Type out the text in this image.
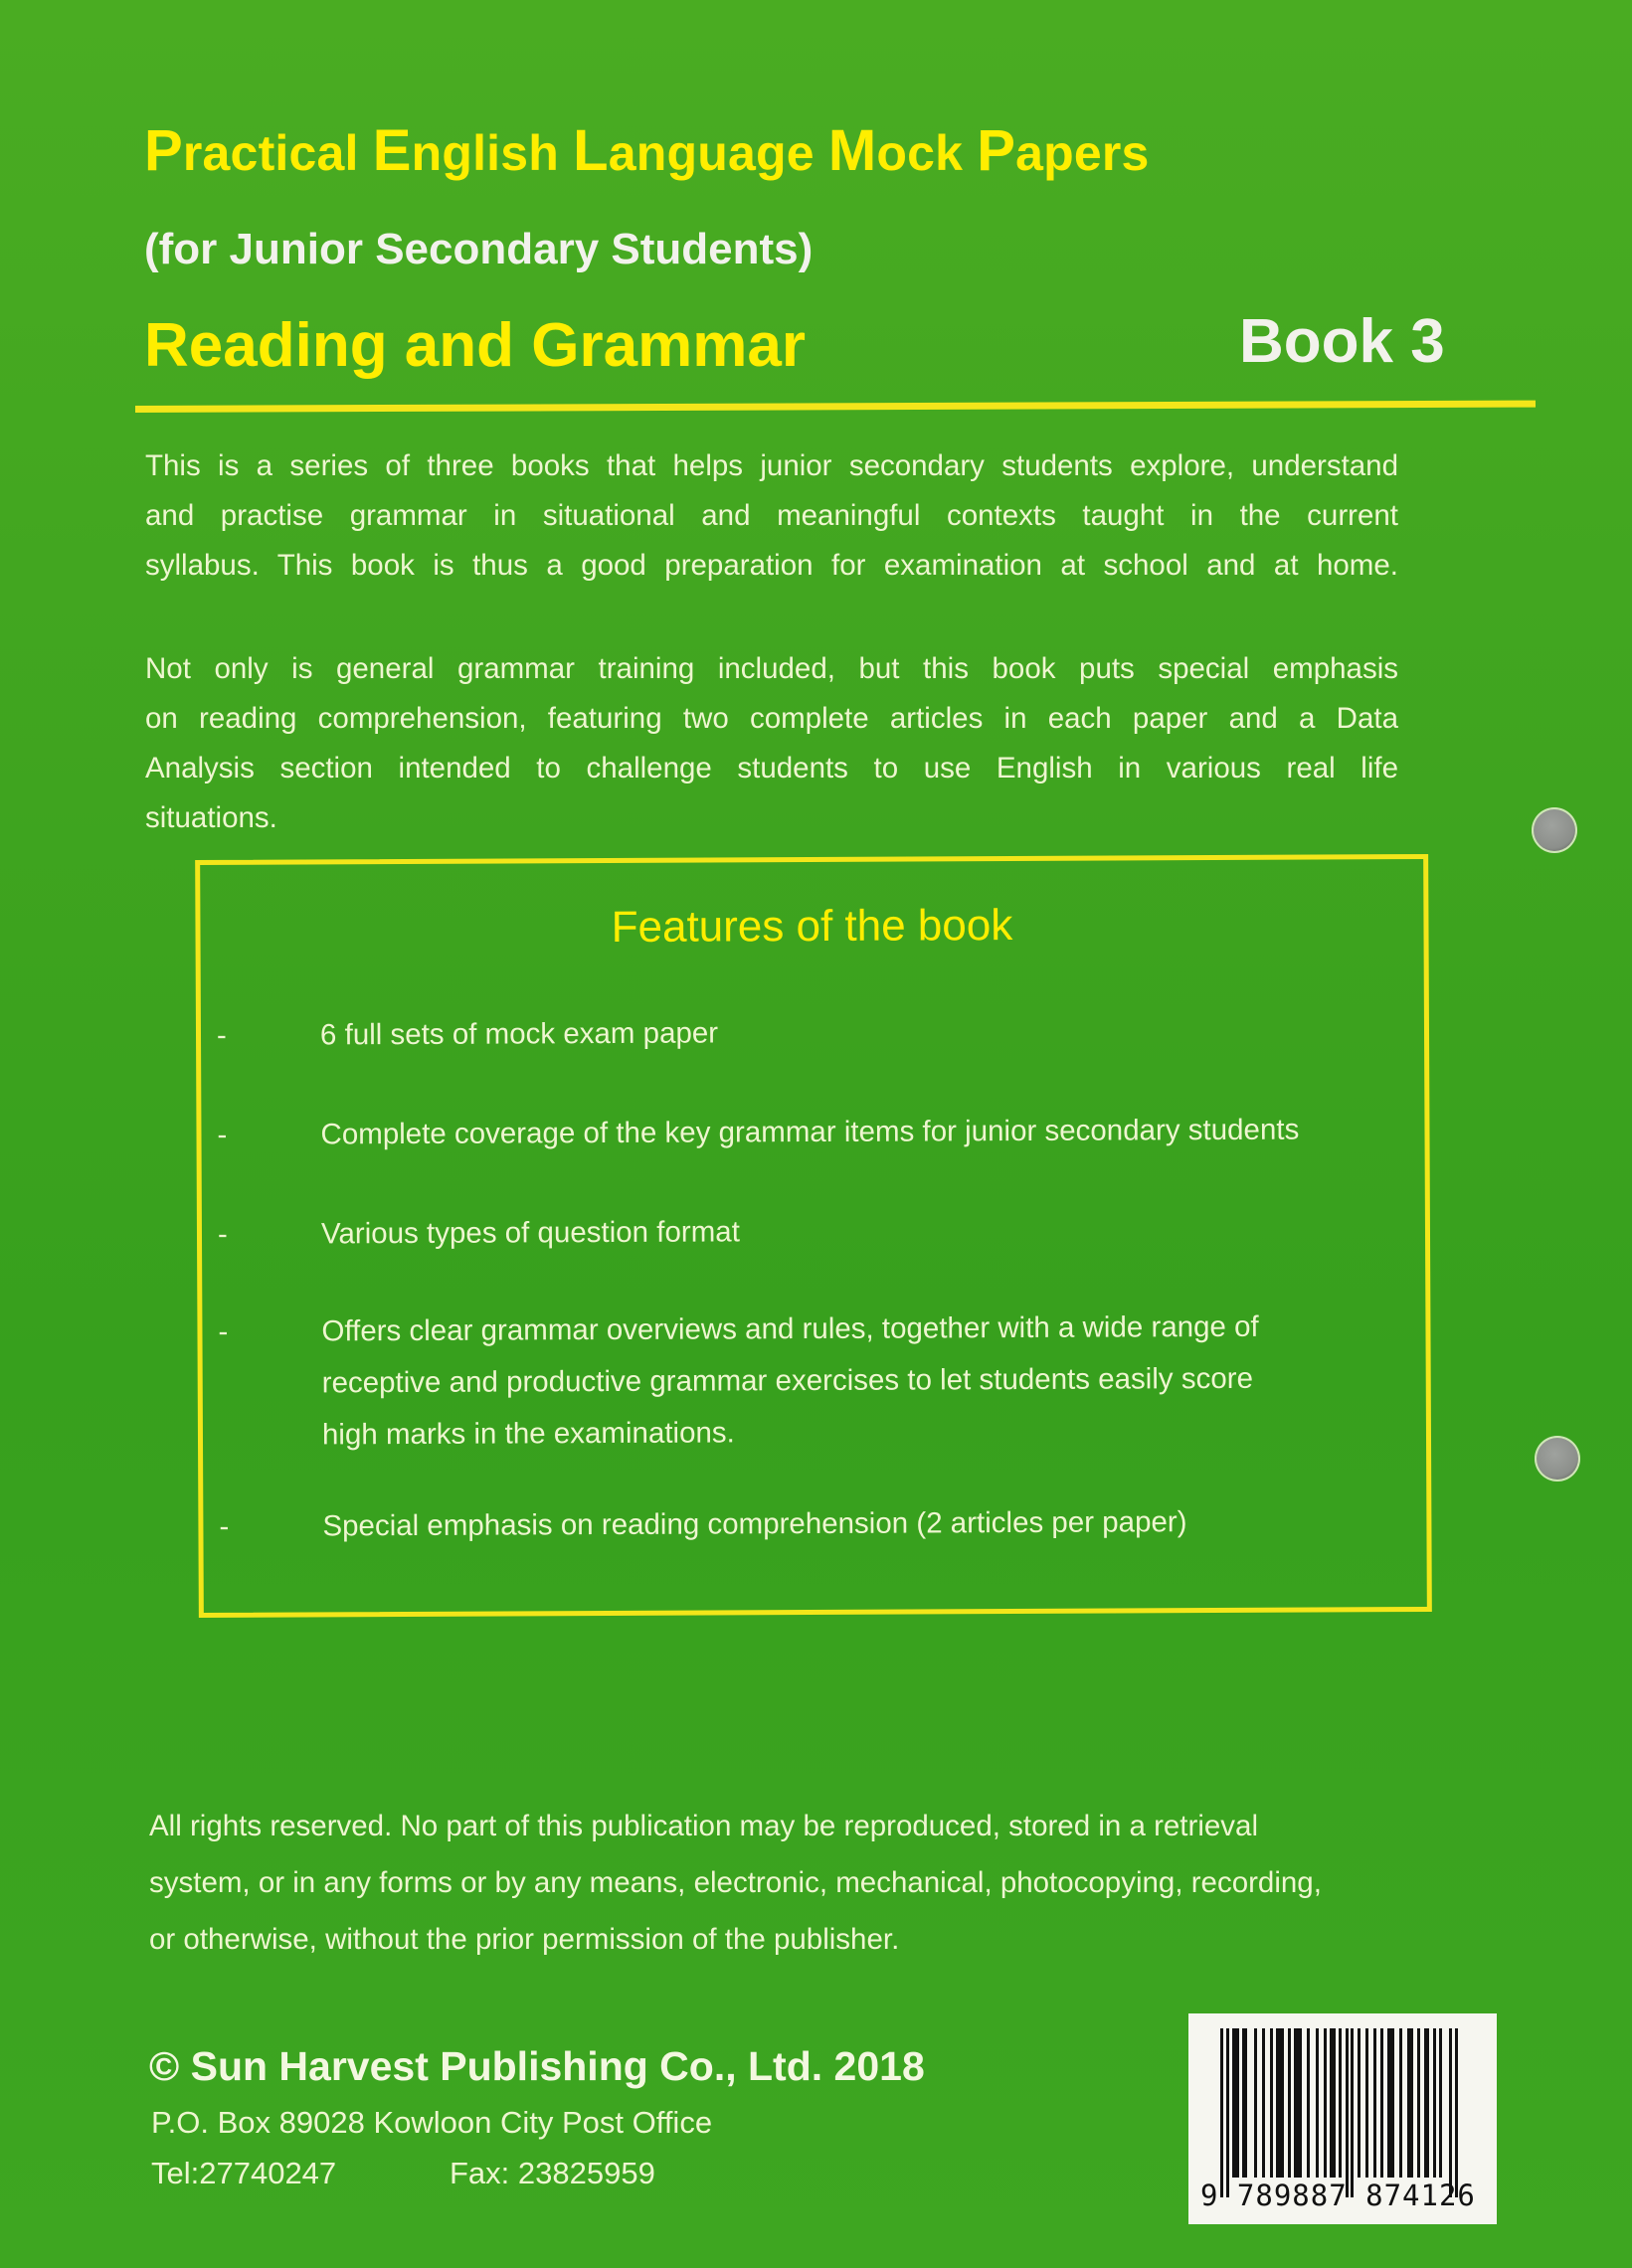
Practical English Language Mock Papers
(for Junior Secondary Students)
Reading and Grammar	Book 3
This is a series of three books that helps junior secondary students explore, understand
and practise grammar in situational and meaningful contexts taught in the current
syllabus. This book is thus a good preparation for examination at school and at home.
Not only is general grammar training included, but this book puts special emphasis
on reading comprehension, featuring two complete articles in each paper and a Data
Analysis section intended to challenge students to use English in various real life
situations.
Features of the book
-	6 full sets of mock exam paper
-	Complete coverage of the key grammar items for junior secondary students
-	Various types of question format
-	Offers clear grammar overviews and rules, together with a wide range of
receptive and productive grammar exercises to let students easily score
high marks in the examinations.
-	Special emphasis on reading comprehension (2 articles per paper)
All rights reserved. No part of this publication may be reproduced, stored in a retrieval
system, or in any forms or by any means, electronic, mechanical, photocopying, recording,
or otherwise, without the prior permission of the publisher.
© Sun Harvest Publishing Co., Ltd. 2018
P.O. Box 89028 Kowloon City Post Office
Tel:27740247	Fax: 23825959
9 789887 874126
